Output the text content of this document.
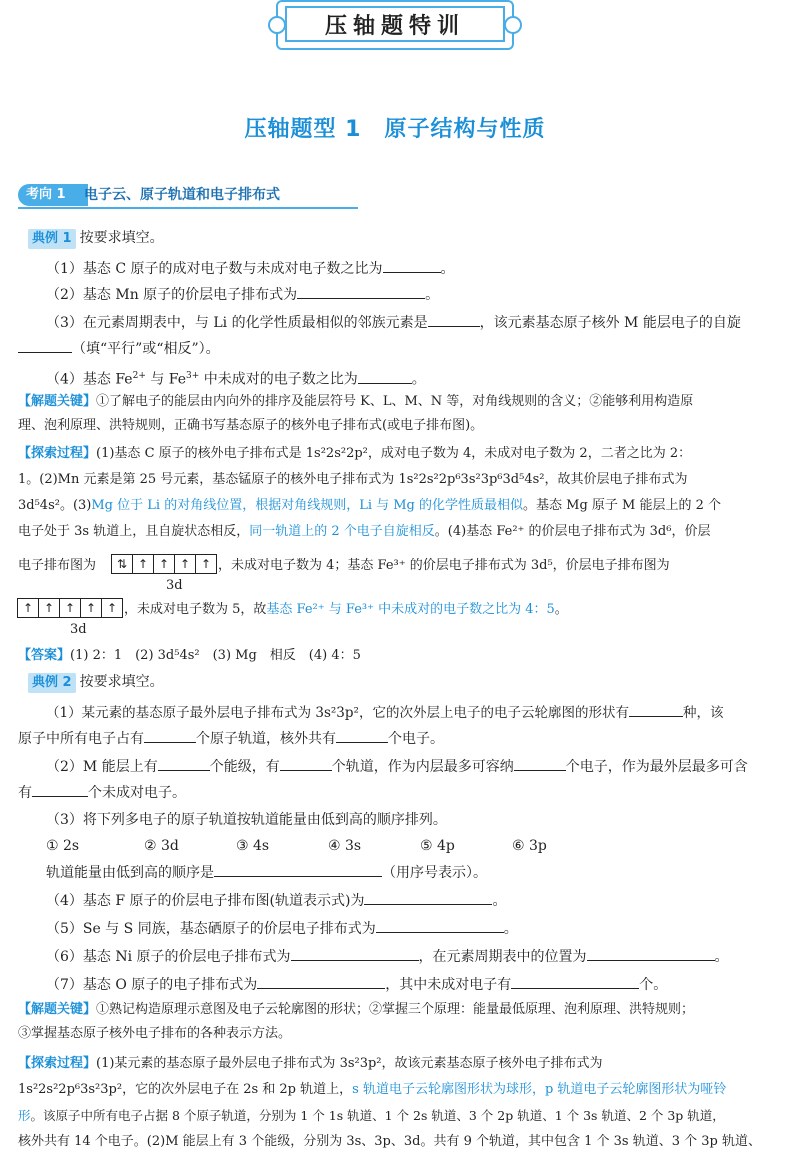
压轴题特训
压轴题型 1　原子结构与性质
考向 1	电子云、原子轨道和电子排布式
典例 1 按要求填空。
（1）基态 C 原子的成对电子数与未成对电子数之比为	。
（2）基态 Mn 原子的价层电子排布式为	。
（3）在元素周期表中，与 Li 的化学性质最相似的邻族元素是	，该元素基态原子核外 M 能层电子的自旋
（填“平行”或“相反”）。
（4）基态 $Fe^{2+}$ 与 $Fe^{3+}$ 中未成对的电子数之比为	。
【解题关键】①了解电子的能层由内向外的排序及能层符号 K、L、M、N 等，对角线规则的含义；②能够利用构造原
理、泡利原理、洪特规则，正确书写基态原子的核外电子排布式(或电子排布图)。
【探索过程】(1)基态 C 原子的核外电子排布式是 1s²2s²2p²，成对电子数为 4，未成对电子数为 2，二者之比为 2：
1。(2)Mn 元素是第 25 号元素，基态锰原子的核外电子排布式为 1s²2s²2p⁶3s²3p⁶3d⁵4s²，故其价层电子排布式为
3d⁵4s²。(3)Mg 位于 Li 的对角线位置，根据对角线规则，Li 与 Mg 的化学性质最相似。基态 Mg 原子 M 能层上的 2 个
电子处于 3s 轨道上，且自旋状态相反，同一轨道上的 2 个电子自旋相反。(4)基态 Fe²⁺ 的价层电子排布式为 3d⁶，价层
电子排布图为	⇅ ↑ ↑ ↑ ↑ ，未成对电子数为 4；基态 Fe³⁺ 的价层电子排布式为 3d⁵，价层电子排布图为
3d
↑ ↑ ↑ ↑ ↑ ，未成对电子数为 5，故基态 Fe²⁺ 与 Fe³⁺ 中未成对的电子数之比为 4：5。
3d
【答案】(1) 2：1　(2) 3d⁵4s²　(3) Mg　相反　(4) 4：5
典例 2 按要求填空。
（1）某元素的基态原子最外层电子排布式为 3s²3p²，它的次外层上电子的电子云轮廓图的形状有	种，该
原子中所有电子占有	个原子轨道，核外共有	个电子。
（2）M 能层上有	个能级，有	个轨道，作为内层最多可容纳	个电子，作为最外层最多可含
有	个未成对电子。
（3）将下列多电子的原子轨道按轨道能量由低到高的顺序排列。
① 2s	② 3d	③ 4s	④ 3s	⑤ 4p	⑥ 3p
轨道能量由低到高的顺序是	（用序号表示）。
（4）基态 F 原子的价层电子排布图(轨道表示式)为	。
（5）Se 与 S 同族，基态硒原子的价层电子排布式为	。
（6）基态 Ni 原子的价层电子排布式为	，在元素周期表中的位置为	。
（7）基态 O 原子的电子排布式为	，其中未成对电子有	个。
【解题关键】①熟记构造原理示意图及电子云轮廓图的形状；②掌握三个原理：能量最低原理、泡利原理、洪特规则；
③掌握基态原子核外电子排布的各种表示方法。
【探索过程】(1)某元素的基态原子最外层电子排布式为 3s²3p²，故该元素基态原子核外电子排布式为
1s²2s²2p⁶3s²3p²，它的次外层电子在 2s 和 2p 轨道上，s 轨道电子云轮廓图形状为球形，p 轨道电子云轮廓图形状为哑铃
形。该原子中所有电子占据 8 个原子轨道，分别为 1 个 1s 轨道、1 个 2s 轨道、3 个 2p 轨道、1 个 3s 轨道、2 个 3p 轨道，
核外共有 14 个电子。(2)M 能层上有 3 个能级，分别为 3s、3p、3d。共有 9 个轨道，其中包含 1 个 3s 轨道、3 个 3p 轨道、
